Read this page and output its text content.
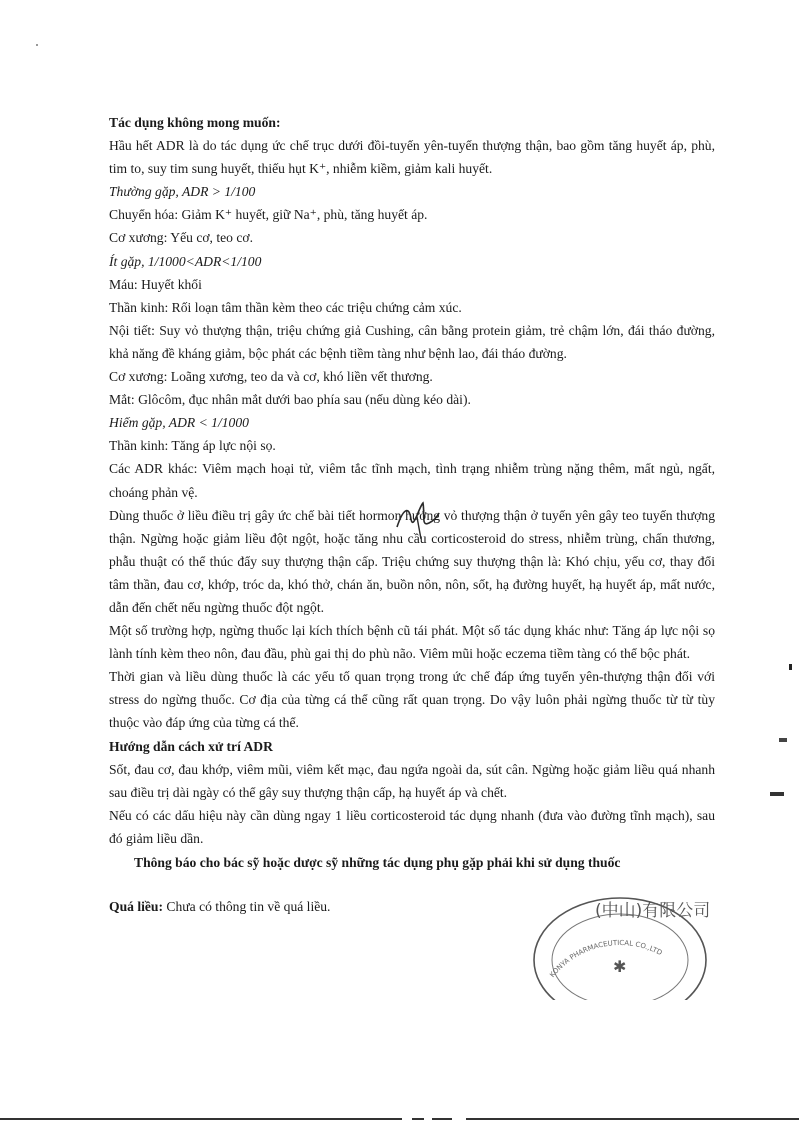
Tác dụng không mong muốn:

Hầu hết ADR là do tác dụng ức chế trục dưới đồi-tuyến yên-tuyến thượng thận, bao gồm tăng huyết áp, phù, tim to, suy tim sung huyết, thiếu hụt K⁺, nhiễm kiềm, giảm kali huyết.

Thường gặp, ADR > 1/100

Chuyển hóa: Giảm K⁺ huyết, giữ Na⁺, phù, tăng huyết áp.

Cơ xương: Yếu cơ, teo cơ.

Ít gặp, 1/1000<ADR<1/100

Máu: Huyết khối

Thần kinh: Rối loạn tâm thần kèm theo các triệu chứng cảm xúc.

Nội tiết: Suy vỏ thượng thận, triệu chứng giả Cushing, cân bằng protein giảm, trẻ chậm lớn, đái tháo đường, khả năng đề kháng giảm, bộc phát các bệnh tiềm tàng như bệnh lao, đái tháo đường.

Cơ xương: Loãng xương, teo da và cơ, khó liền vết thương.

Mắt: Glôcôm, đục nhân mắt dưới bao phía sau (nếu dùng kéo dài).

Hiếm gặp, ADR < 1/1000

Thần kinh: Tăng áp lực nội sọ.

Các ADR khác: Viêm mạch hoại tử, viêm tắc tĩnh mạch, tình trạng nhiễm trùng nặng thêm, mất ngủ, ngất, choáng phản vệ.

Dùng thuốc ở liều điều trị gây ức chế bài tiết hormon hướng vỏ thượng thận ở tuyến yên gây teo tuyến thượng thận. Ngừng hoặc giảm liều đột ngột, hoặc tăng nhu cầu corticosteroid do stress, nhiễm trùng, chấn thương, phẫu thuật có thể thúc đẩy suy thượng thận cấp. Triệu chứng suy thượng thận là: Khó chịu, yếu cơ, thay đổi tâm thần, đau cơ, khớp, tróc da, khó thở, chán ăn, buồn nôn, nôn, sốt, hạ đường huyết, hạ huyết áp, mất nước, dẫn đến chết nếu ngừng thuốc đột ngột.

Một số trường hợp, ngừng thuốc lại kích thích bệnh cũ tái phát. Một số tác dụng khác như: Tăng áp lực nội sọ lành tính kèm theo nôn, đau đầu, phù gai thị do phù não. Viêm mũi hoặc eczema tiềm tàng có thể bộc phát.

Thời gian và liều dùng thuốc là các yếu tố quan trọng trong ức chế đáp ứng tuyến yên-thượng thận đối với stress do ngừng thuốc. Cơ địa của từng cá thể cũng rất quan trọng. Do vậy luôn phải ngừng thuốc từ từ tùy thuộc vào đáp ứng của từng cá thể.

Hướng dẫn cách xử trí ADR

Sốt, đau cơ, đau khớp, viêm mũi, viêm kết mạc, đau ngứa ngoài da, sút cân. Ngừng hoặc giảm liều quá nhanh sau điều trị dài ngày có thể gây suy thượng thận cấp, hạ huyết áp và chết.

Nếu có các dấu hiệu này cần dùng ngay 1 liều corticosteroid tác dụng nhanh (đưa vào đường tĩnh mạch), sau đó giảm liều dần.

Thông báo cho bác sỹ hoặc dược sỹ những tác dụng phụ gặp phải khi sử dụng thuốc

Quá liều: Chưa có thông tin về quá liều.	(中山)有限公司
KONYA PHARMACEUTICAL CO.,LTD
✱
